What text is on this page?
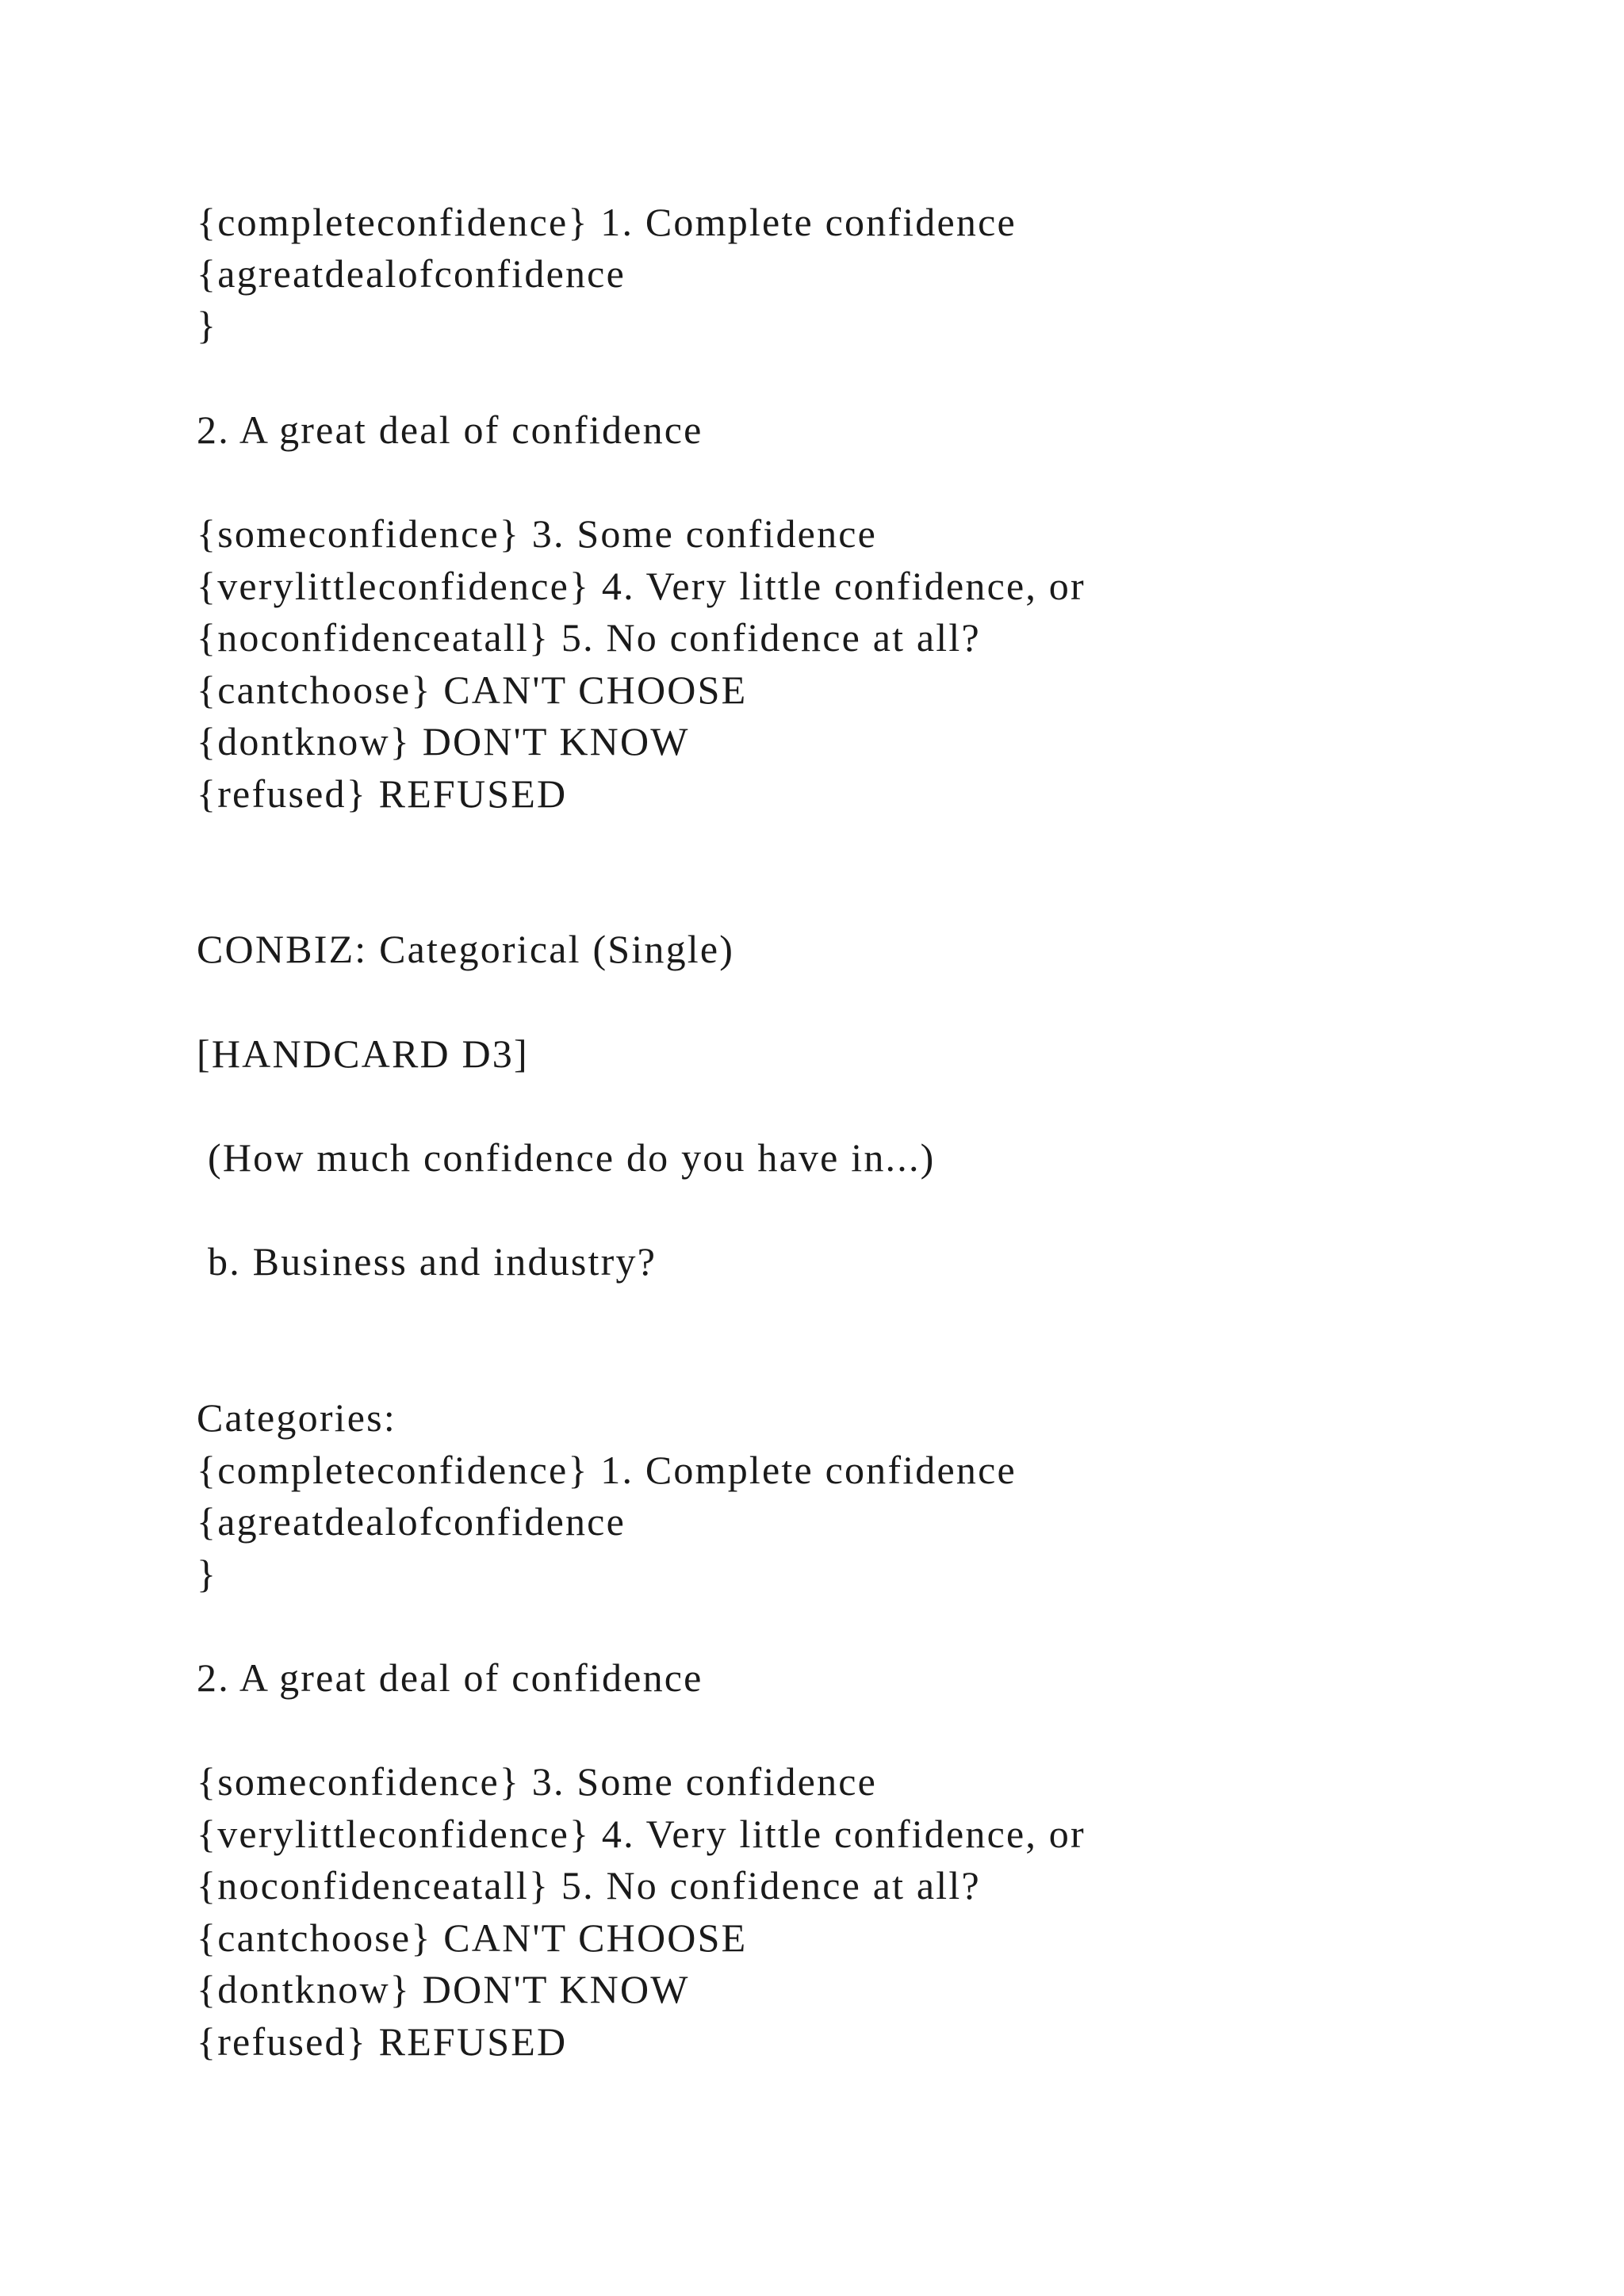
{completeconfidence} 1. Complete confidence
{agreatdealofconfidence
}
2. A great deal of confidence
{someconfidence} 3. Some confidence
{verylittleconfidence} 4. Very little confidence, or
{noconfidenceatall} 5. No confidence at all?
{cantchoose} CAN'T CHOOSE
{dontknow} DON'T KNOW
{refused} REFUSED
CONBIZ: Categorical (Single)
[HANDCARD D3]
(How much confidence do you have in...)
b. Business and industry?
Categories:
{completeconfidence} 1. Complete confidence
{agreatdealofconfidence
}
2. A great deal of confidence
{someconfidence} 3. Some confidence
{verylittleconfidence} 4. Very little confidence, or
{noconfidenceatall} 5. No confidence at all?
{cantchoose} CAN'T CHOOSE
{dontknow} DON'T KNOW
{refused} REFUSED
